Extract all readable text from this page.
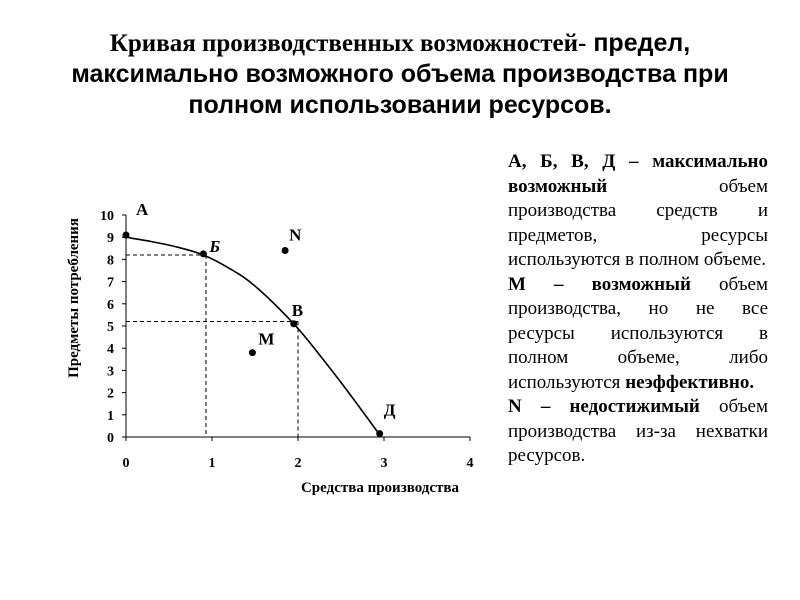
Кривая производственных возможностей- предел, максимально возможного объема производства при полном использовании ресурсов.
0
1
2
3
4
5
6
7
8
9
10
0	1	2	3	4
А
Б
В
Д
N
M
Средства производства
Предметы потребления

А, Б, В, Д – максимально возможный объем производства средств и предметов, ресурсы используются в полном объеме.

М – возможный объем производства, но не все ресурсы используются в полном объеме, либо используются неэффективно.

N – недостижимый объем производства из-за нехватки ресурсов.
